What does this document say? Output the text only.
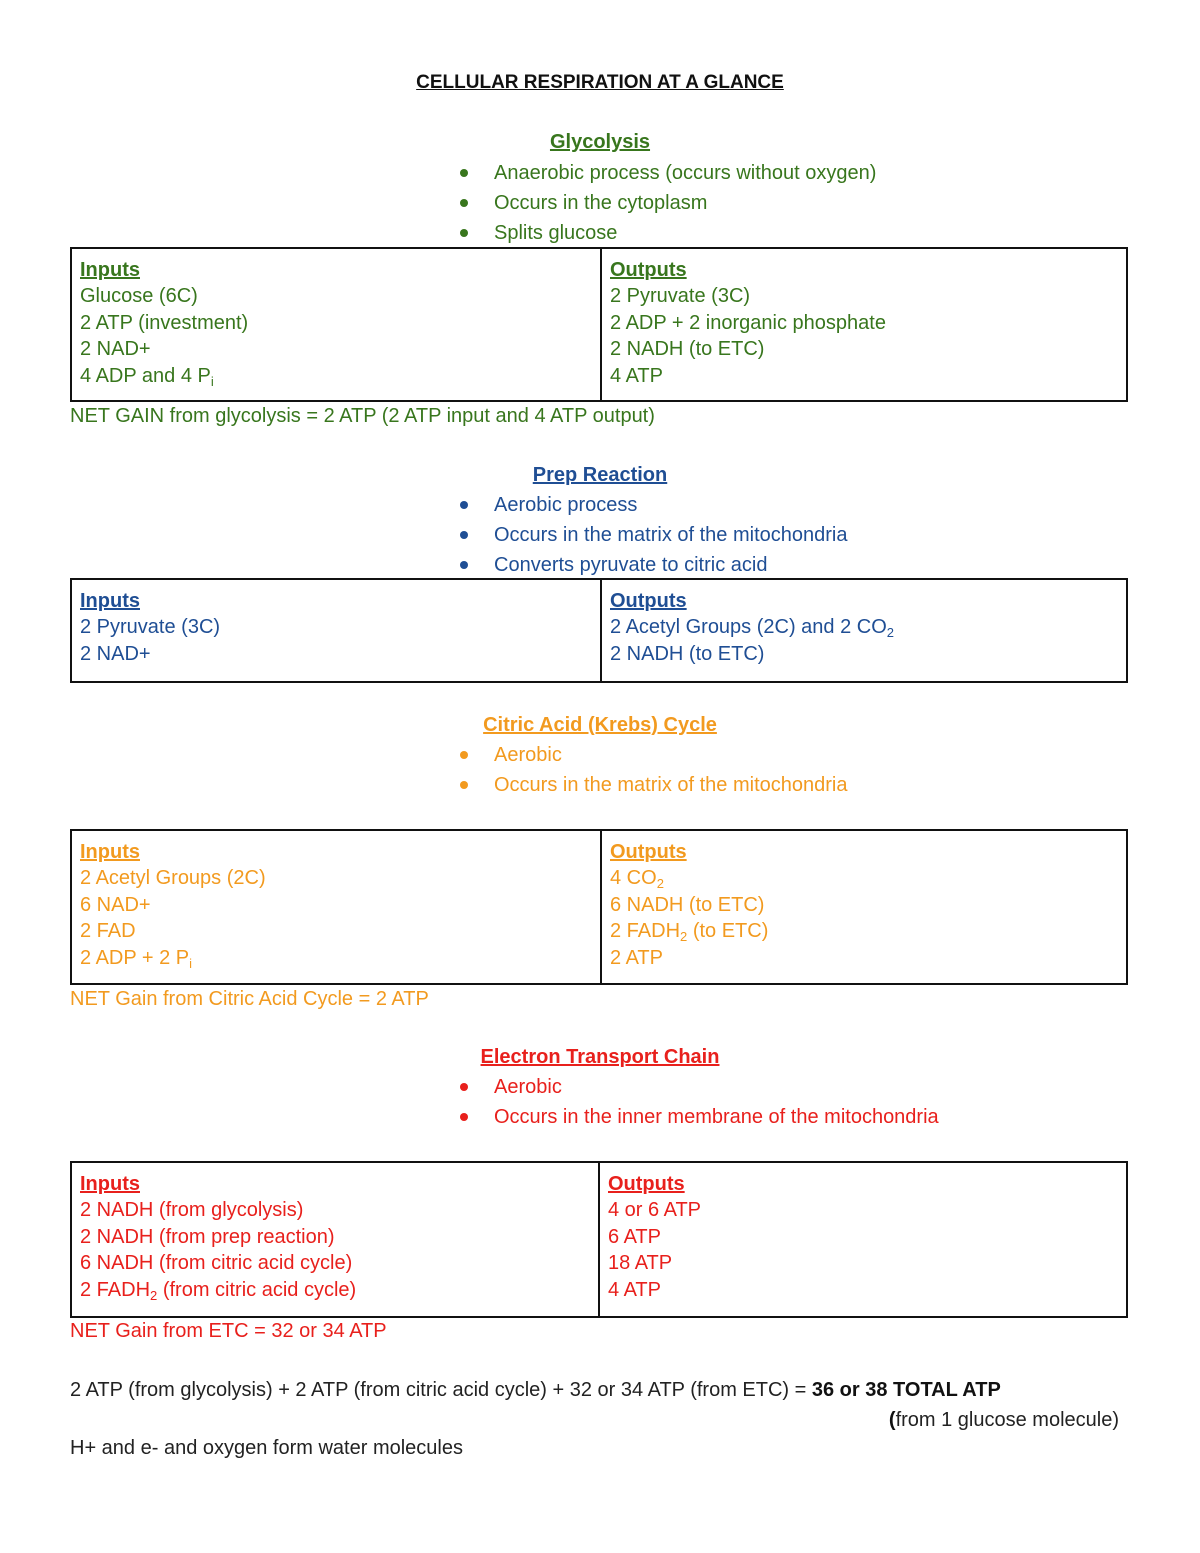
CELLULAR RESPIRATION AT A GLANCE
Glycolysis
Anaerobic process (occurs without oxygen)
Occurs in the cytoplasm
Splits glucose
Inputs
Glucose (6C)
2 ATP (investment)
2 NAD+
4 ADP and 4 $P_i$
Outputs
2 Pyruvate (3C)
2 ADP + 2 inorganic phosphate
2 NADH (to ETC)
4 ATP
NET GAIN from glycolysis = 2 ATP (2 ATP input and 4 ATP output)
Prep Reaction
Aerobic process
Occurs in the matrix of the mitochondria
Converts pyruvate to citric acid
Inputs
2 Pyruvate (3C)
2 NAD+
Outputs
2 Acetyl Groups (2C) and 2 $CO_2$
2 NADH (to ETC)
Citric Acid (Krebs) Cycle
Aerobic
Occurs in the matrix of the mitochondria
Inputs
2 Acetyl Groups (2C)
6 NAD+
2 FAD
2 ADP + 2 $P_i$
Outputs
4 $CO_2$
6 NADH (to ETC)
2 $FADH_2$ (to ETC)
2 ATP
NET Gain from Citric Acid Cycle = 2 ATP
Electron Transport Chain
Aerobic
Occurs in the inner membrane of the mitochondria
Inputs
2 NADH (from glycolysis)
2 NADH (from prep reaction)
6 NADH (from citric acid cycle)
2 $FADH_2$ (from citric acid cycle)
Outputs
4 or 6 ATP
6 ATP
18 ATP
4 ATP
NET Gain from ETC = 32 or 34 ATP
2 ATP (from glycolysis) + 2 ATP (from citric acid cycle) + 32 or 34 ATP (from ETC) = 36 or 38 TOTAL ATP
(from 1 glucose molecule)
H+ and e- and oxygen form water molecules
